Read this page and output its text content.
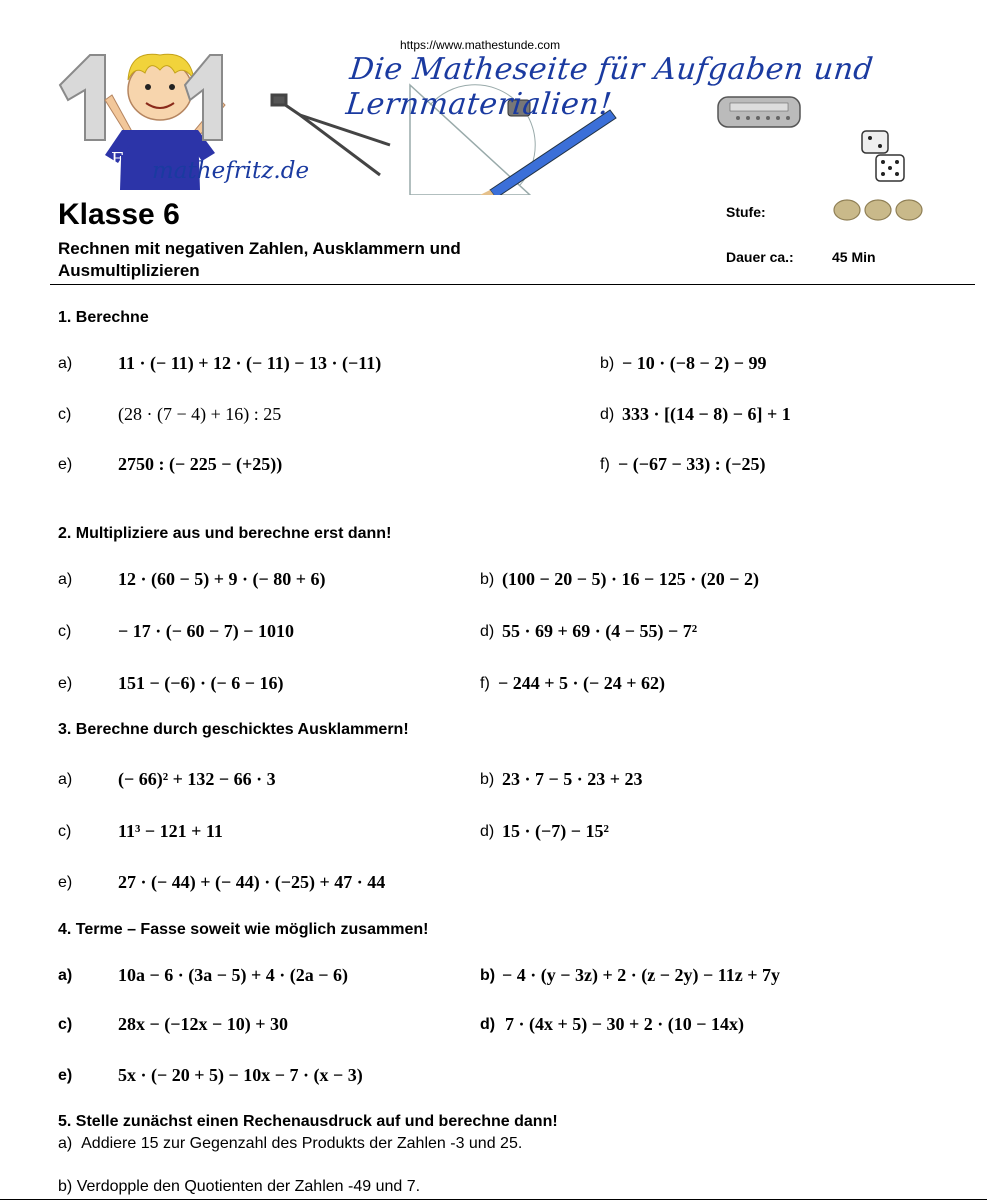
https://www.mathestunde.com
Die Matheseite für Aufgaben und Lernmaterialien!
F mathefritz.de
Klasse 6
Rechnen mit negativen Zahlen, Ausklammern und Ausmultiplizieren
Stufe:
Dauer ca.:	45 Min
1. Berechne
a)	11 · (− 11) + 12 · (− 11) − 13 · (−11)	b) − 10 · (−8 − 2) − 99
c)	(28 · (7 − 4) + 16) : 25	d) 333 · [(14 − 8) − 6] + 1
e)	2750 : (− 225 − (+25))	f) − (−67 − 33) : (−25)
2. Multipliziere aus und berechne erst dann!
a)	12 · (60 − 5) + 9 · (− 80 + 6)	b) (100 − 20 − 5) · 16 − 125 · (20 − 2)
c)	− 17 · (− 60 − 7) − 1010	d) 55 · 69 + 69 · (4 − 55) − 7²
e)	151 − (−6) · (− 6 − 16)	f) − 244 + 5 · (− 24 + 62)
3. Berechne durch geschicktes Ausklammern!
a)	(− 66)² + 132 − 66 · 3	b) 23 · 7 − 5 · 23 + 23
c)	11³ − 121 + 11	d) 15 · (−7) − 15²
e)	27 · (− 44) + (− 44) · (−25) + 47 · 44
4. Terme – Fasse soweit wie möglich zusammen!
a)	10a − 6 · (3a − 5) + 4 · (2a − 6)	b) − 4 · (y − 3z) + 2 · (z − 2y) − 11z + 7y
c)	28x − (−12x − 10) + 30	d) 7 · (4x + 5) − 30 + 2 · (10 − 14x)
e)	5x · (− 20 + 5) − 10x − 7 · (x − 3)
5. Stelle zunächst einen Rechenausdruck auf und berechne dann!
a) Addiere 15 zur Gegenzahl des Produkts der Zahlen -3 und 25.
b) Verdopple den Quotienten der Zahlen -49 und 7.
